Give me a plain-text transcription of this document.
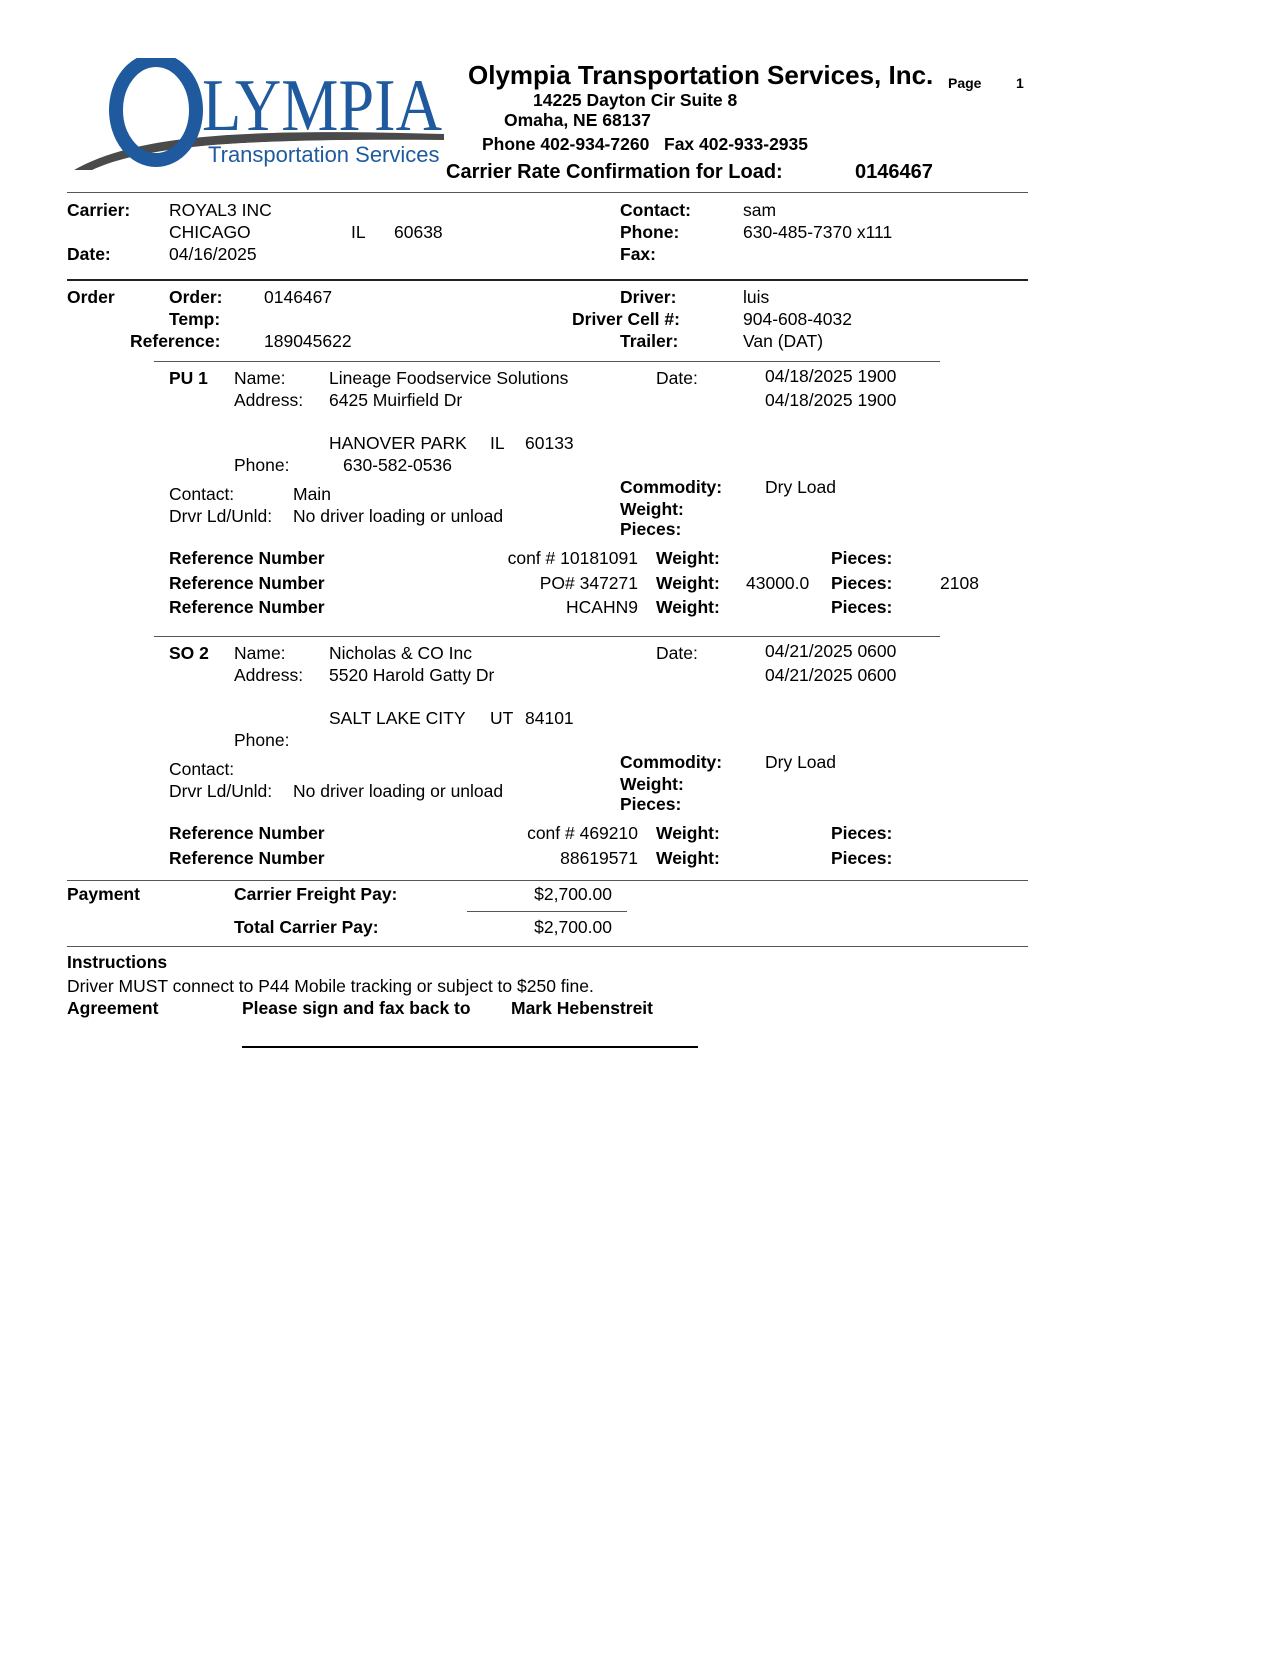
LYMPIA
Transportation Services
Olympia Transportation Services, Inc. Page 1
14225 Dayton Cir Suite 8
Omaha, NE 68137
Phone 402-934-7260 Fax 402-933-2935
Carrier Rate Confirmation for Load:	0146467
Carrier: ROYAL3 INC
CHICAGO	IL 60638
Date:	04/16/2025
Contact:	sam
Phone:	630-485-7370 x111
Fax:
Order	Order: 0146467
Temp:
Reference: 189045622
Driver:	luis
Driver Cell #:	904-608-4032
Trailer:	Van (DAT)
PU 1 Name: Lineage Foodservice Solutions
Address: 6425 Muirfield Dr
HANOVER PARK IL 60133
Phone:	630-582-0536
Date:	04/18/2025 1900
04/18/2025 1900
Contact:	Main
Drvr Ld/Unld: No driver loading or unload
Commodity: Dry Load
Weight:
Pieces:
Reference Number	conf # 10181091 Weight:	Pieces:
Reference Number	PO# 347271 Weight: 43000.0 Pieces:	2108
Reference Number	HCAHN9 Weight:	Pieces:
SO 2 Name: Nicholas & CO Inc
Address: 5520 Harold Gatty Dr
SALT LAKE CITY UT 84101
Phone:
Date:	04/21/2025 0600
04/21/2025 0600
Contact:
Drvr Ld/Unld: No driver loading or unload
Commodity: Dry Load
Weight:
Pieces:
Reference Number	conf # 469210 Weight:	Pieces:
Reference Number	88619571 Weight:	Pieces:
Payment	Carrier Freight Pay:	$2,700.00
Total Carrier Pay:	$2,700.00
Instructions
Driver MUST connect to P44 Mobile tracking or subject to $250 fine.
Agreement	Please sign and fax back to Mark Hebenstreit
